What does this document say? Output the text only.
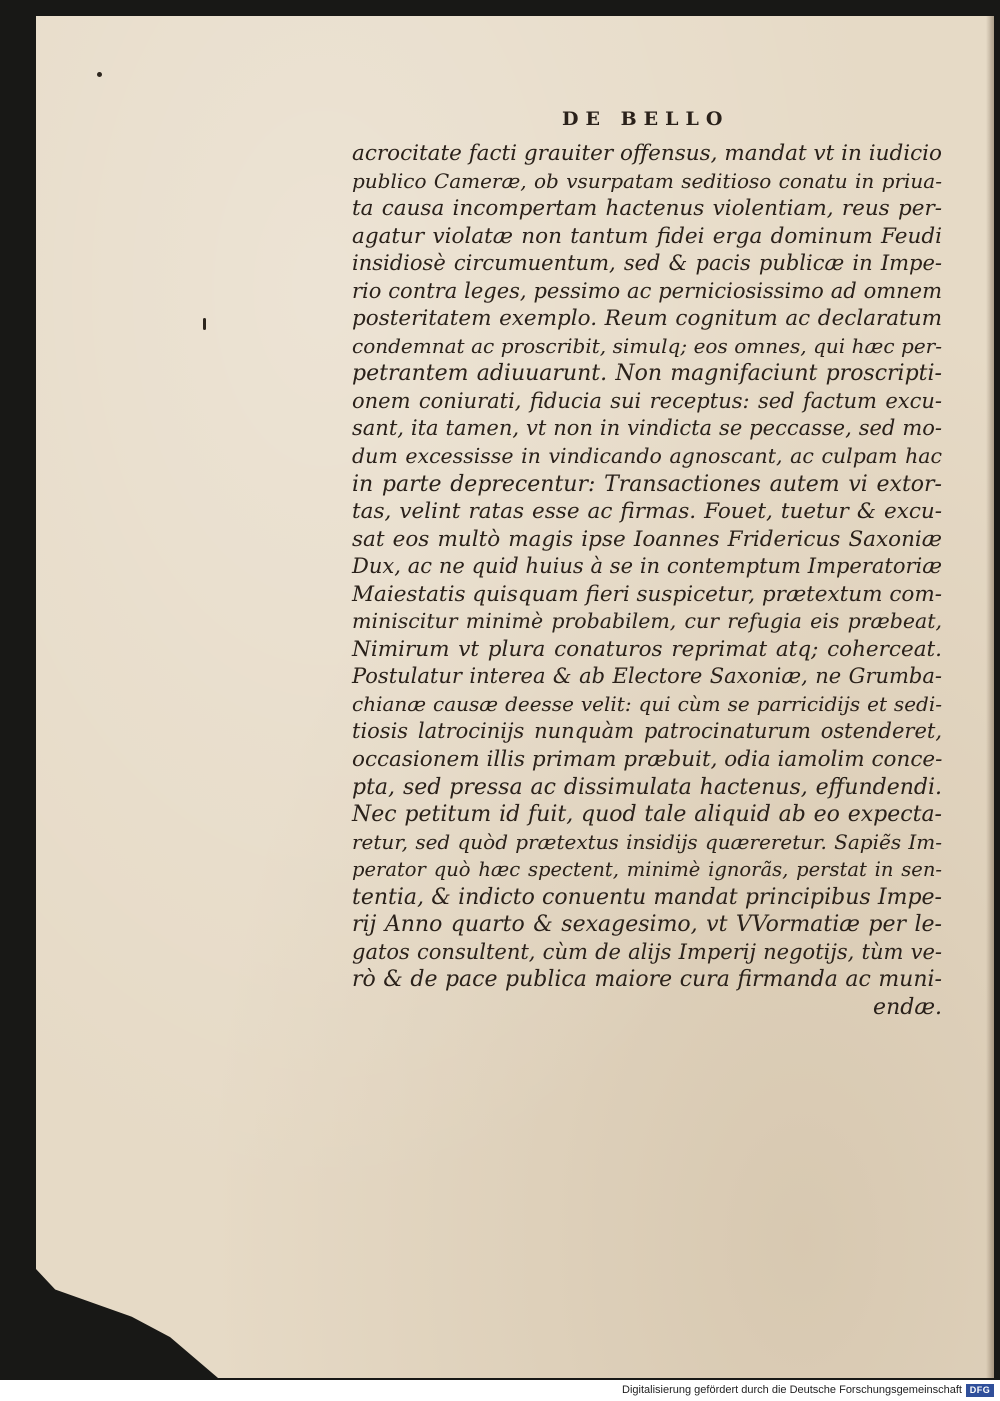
DE BELLO
acrocitate facti grauiter offensus, mandat vt in iudicio
publico Cameræ, ob vsurpatam seditioso conatu in priua-
ta causa incompertam hactenus violentiam, reus per-
agatur violatæ non tantum fidei erga dominum Feudi
insidiosè circumuentum, sed & pacis publicæ in Impe-
rio contra leges, pessimo ac perniciosissimo ad omnem
posteritatem exemplo. Reum cognitum ac declaratum
condemnat ac proscribit, simulq; eos omnes, qui hæc per-
petrantem adiuuarunt. Non magnifaciunt proscripti-
onem coniurati, fiducia sui receptus: sed factum excu-
sant, ita tamen, vt non in vindicta se peccasse, sed mo-
dum excessisse in vindicando agnoscant, ac culpam hac
in parte deprecentur: Transactiones autem vi extor-
tas, velint ratas esse ac firmas. Fouet, tuetur & excu-
sat eos multò magis ipse Ioannes Fridericus Saxoniæ
Dux, ac ne quid huius à se in contemptum Imperatoriæ
Maiestatis quisquam fieri suspicetur, prætextum com-
miniscitur minimè probabilem, cur refugia eis præbeat,
Nimirum vt plura conaturos reprimat atq; coherceat.
Postulatur interea & ab Electore Saxoniæ, ne Grumba-
chianæ causæ deesse velit: qui cùm se parricidijs et sedi-
tiosis latrocinijs nunquàm patrocinaturum ostenderet,
occasionem illis primam præbuit, odia iamolim conce-
pta, sed pressa ac dissimulata hactenus, effundendi.
Nec petitum id fuit, quod tale aliquid ab eo expecta-
retur, sed quòd prætextus insidijs quæreretur. Sapiẽs Im-
perator quò hæc spectent, minimè ignorãs, perstat in sen-
tentia, & indicto conuentu mandat principibus Impe-
rij Anno quarto & sexagesimo, vt VVormatiæ per le-
gatos consultent, cùm de alijs Imperij negotijs, tùm ve-
rò & de pace publica maiore cura firmanda ac muni-
endæ.
Digitalisierung gefördert durch die Deutsche Forschungsgemeinschaft DFG
